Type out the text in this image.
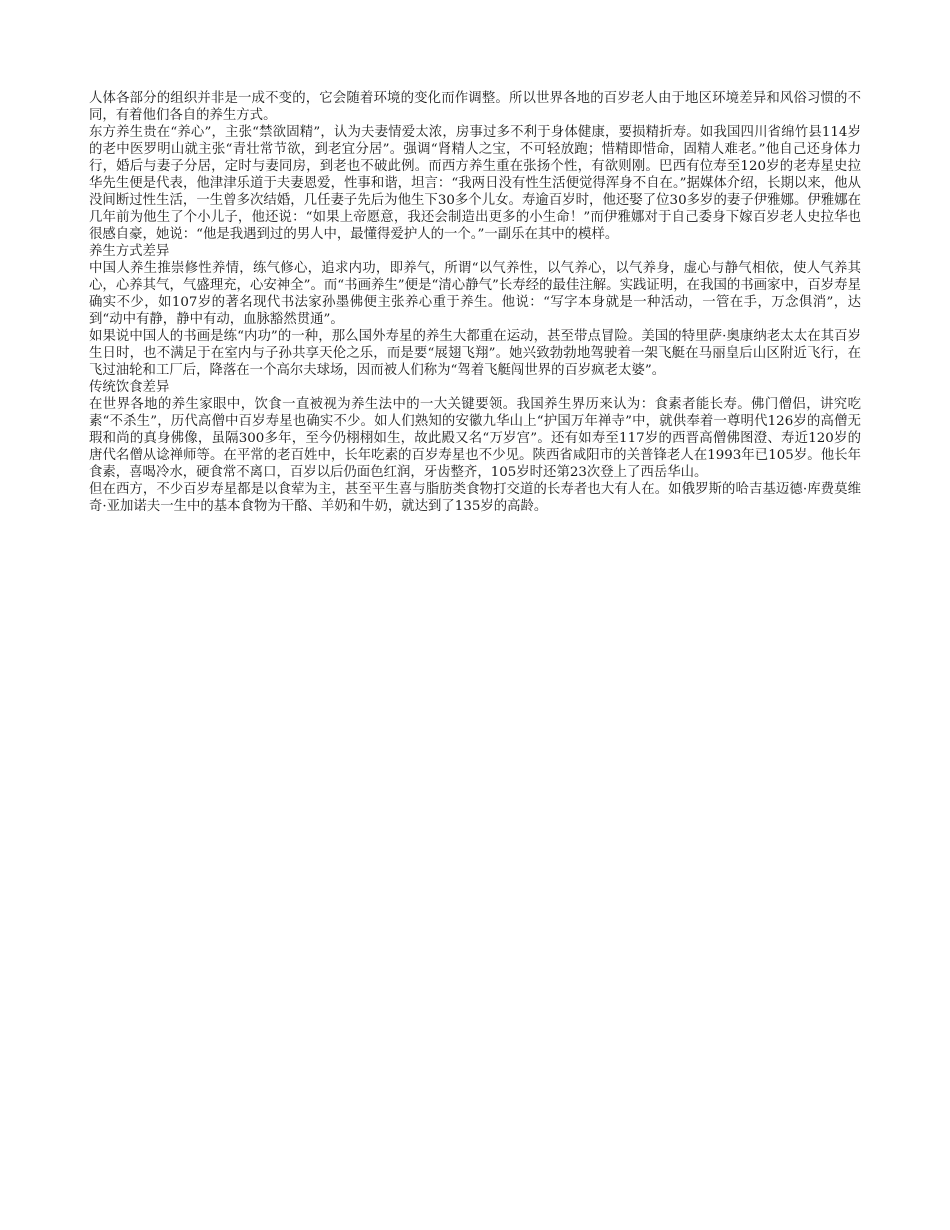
人体各部分的组织并非是一成不变的，它会随着环境的变化而作调整。所以世界各地的百岁老人由于地区环境差异和风俗习惯的不同，有着他们各自的养生方式。

东方养生贵在“养心”，主张“禁欲固精”，认为夫妻情爱太浓，房事过多不利于身体健康，要损精折寿。如我国四川省绵竹县114岁的老中医罗明山就主张“青壮常节欲，到老宜分居”。强调“肾精人之宝，不可轻放跑；惜精即惜命，固精人难老。”他自己还身体力行，婚后与妻子分居，定时与妻同房，到老也不破此例。而西方养生重在张扬个性，有欲则刚。巴西有位寿至120岁的老寿星史拉华先生便是代表，他津津乐道于夫妻恩爱，性事和谐，坦言：“我两日没有性生活便觉得浑身不自在。”据媒体介绍，长期以来，他从没间断过性生活，一生曾多次结婚，几任妻子先后为他生下30多个儿女。寿逾百岁时，他还娶了位30多岁的妻子伊雅娜。伊雅娜在几年前为他生了个小儿子，他还说：“如果上帝愿意，我还会制造出更多的小生命！”而伊雅娜对于自己委身下嫁百岁老人史拉华也很感自豪，她说：“他是我遇到过的男人中，最懂得爱护人的一个。”一副乐在其中的模样。

养生方式差异

中国人养生推崇修性养情，练气修心，追求内功，即养气，所谓“以气养性，以气养心，以气养身，虚心与静气相依，使人气养其心，心养其气，气盛理充，心安神全”。而“书画养生”便是“清心静气”长寿经的最佳注解。实践证明，在我国的书画家中，百岁寿星确实不少，如107岁的著名现代书法家孙墨佛便主张养心重于养生。他说：“写字本身就是一种活动，一管在手，万念俱消”，达到“动中有静，静中有动，血脉豁然贯通”。

如果说中国人的书画是练“内功”的一种，那么国外寿星的养生大都重在运动，甚至带点冒险。美国的特里萨·奥康纳老太太在其百岁生日时，也不满足于在室内与子孙共享天伦之乐，而是要“展翅飞翔”。她兴致勃勃地驾驶着一架飞艇在马丽皇后山区附近飞行，在飞过油轮和工厂后，降落在一个高尔夫球场，因而被人们称为“驾着飞艇闯世界的百岁疯老太婆”。

传统饮食差异

在世界各地的养生家眼中，饮食一直被视为养生法中的一大关键要领。我国养生界历来认为：食素者能长寿。佛门僧侣，讲究吃素“不杀生”，历代高僧中百岁寿星也确实不少。如人们熟知的安徽九华山上“护国万年禅寺”中，就供奉着一尊明代126岁的高僧无瑕和尚的真身佛像，虽隔300多年，至今仍栩栩如生，故此殿又名“万岁宫”。还有如寿至117岁的西晋高僧佛图澄、寿近120岁的唐代名僧从谂禅师等。在平常的老百姓中，长年吃素的百岁寿星也不少见。陕西省咸阳市的关普锋老人在1993年已105岁。他长年食素，喜喝冷水，硬食常不离口，百岁以后仍面色红润，牙齿整齐，105岁时还第23次登上了西岳华山。

但在西方，不少百岁寿星都是以食荤为主，甚至平生喜与脂肪类食物打交道的长寿者也大有人在。如俄罗斯的哈吉基迈德·库费莫维奇·亚加诺夫一生中的基本食物为干酪、羊奶和牛奶，就达到了135岁的高龄。
